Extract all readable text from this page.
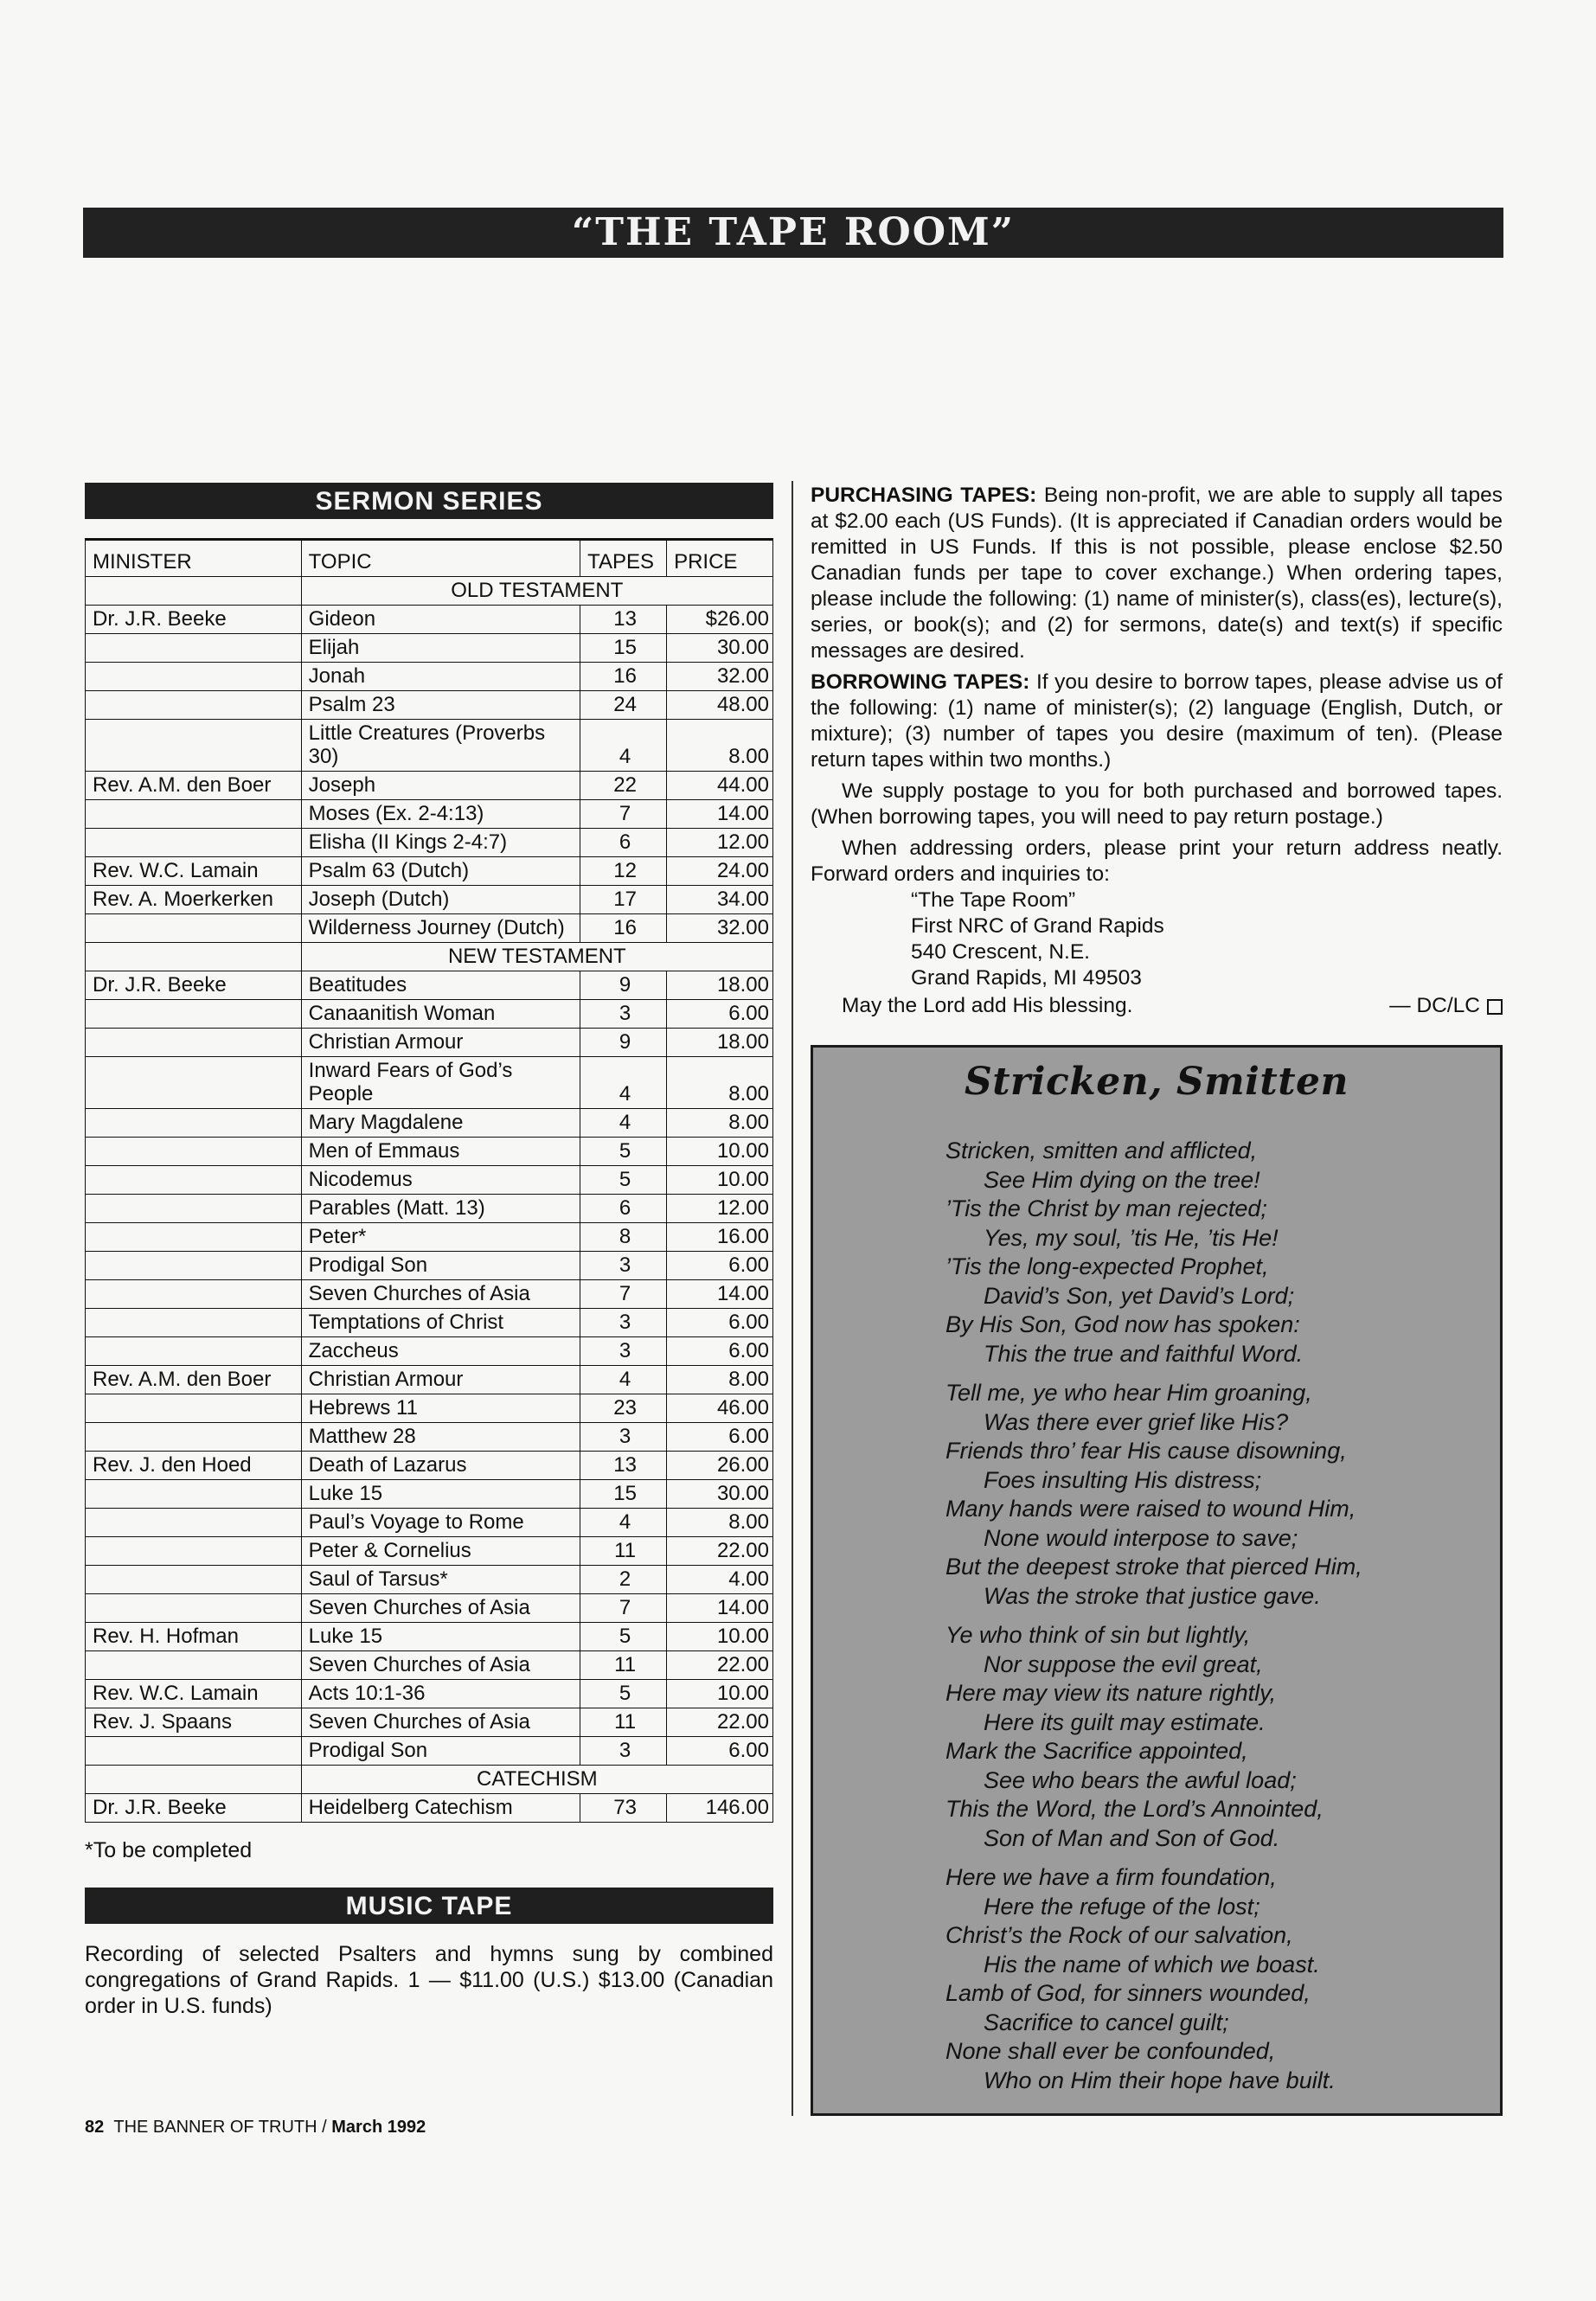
“THE TAPE ROOM”
SERMON SERIES
MINISTER	TOPIC	TAPES	PRICE
	OLD TESTAMENT		
Dr. J.R. Beeke	Gideon	13	$26.00
	Elijah	15	30.00
	Jonah	16	32.00
	Psalm 23	24	48.00
	Little Creatures (Proverbs 30)	4	8.00
Rev. A.M. den Boer	Joseph	22	44.00
	Moses (Ex. 2-4:13)	7	14.00
	Elisha (II Kings 2-4:7)	6	12.00
Rev. W.C. Lamain	Psalm 63 (Dutch)	12	24.00
Rev. A. Moerkerken	Joseph (Dutch)	17	34.00
	Wilderness Journey (Dutch)	16	32.00
	NEW TESTAMENT		
Dr. J.R. Beeke	Beatitudes	9	18.00
	Canaanitish Woman	3	6.00
	Christian Armour	9	18.00
	Inward Fears of God’s People	4	8.00
	Mary Magdalene	4	8.00
	Men of Emmaus	5	10.00
	Nicodemus	5	10.00
	Parables (Matt. 13)	6	12.00
	Peter*	8	16.00
	Prodigal Son	3	6.00
	Seven Churches of Asia	7	14.00
	Temptations of Christ	3	6.00
	Zaccheus	3	6.00
Rev. A.M. den Boer	Christian Armour	4	8.00
	Hebrews 11	23	46.00
	Matthew 28	3	6.00
Rev. J. den Hoed	Death of Lazarus	13	26.00
	Luke 15	15	30.00
	Paul’s Voyage to Rome	4	8.00
	Peter & Cornelius	11	22.00
	Saul of Tarsus*	2	4.00
	Seven Churches of Asia	7	14.00
Rev. H. Hofman	Luke 15	5	10.00
	Seven Churches of Asia	11	22.00
Rev. W.C. Lamain	Acts 10:1-36	5	10.00
Rev. J. Spaans	Seven Churches of Asia	11	22.00
	Prodigal Son	3	6.00
	CATECHISM		
Dr. J.R. Beeke	Heidelberg Catechism	73	146.00
*To be completed
MUSIC TAPE
Recording of selected Psalters and hymns sung by combined congregations of Grand Rapids. 1 — $11.00 (U.S.) $13.00 (Canadian order in U.S. funds)

PURCHASING TAPES: Being non-profit, we are able to supply all tapes at $2.00 each (US Funds). (It is appreciated if Canadian orders would be remitted in US Funds. If this is not possible, please enclose $2.50 Canadian funds per tape to cover exchange.) When ordering tapes, please include the following: (1) name of minister(s), class(es), lecture(s), series, or book(s); and (2) for sermons, date(s) and text(s) if specific messages are desired.

BORROWING TAPES: If you desire to borrow tapes, please advise us of the following: (1) name of minister(s); (2) language (English, Dutch, or mixture); (3) number of tapes you desire (maximum of ten). (Please return tapes within two months.)

We supply postage to you for both purchased and borrowed tapes. (When borrowing tapes, you will need to pay return postage.)

When addressing orders, please print your return address neatly. Forward orders and inquiries to:

“The Tape Room”
First NRC of Grand Rapids
540 Crescent, N.E.
Grand Rapids, MI 49503
May the Lord add His blessing.	— DC/LC
Stricken, Smitten
Stricken, smitten and afflicted,
See Him dying on the tree!
’Tis the Christ by man rejected;
Yes, my soul, ’tis He, ’tis He!
’Tis the long-expected Prophet,
David’s Son, yet David’s Lord;
By His Son, God now has spoken:
This the true and faithful Word.
Tell me, ye who hear Him groaning,
Was there ever grief like His?
Friends thro’ fear His cause disowning,
Foes insulting His distress;
Many hands were raised to wound Him,
None would interpose to save;
But the deepest stroke that pierced Him,
Was the stroke that justice gave.
Ye who think of sin but lightly,
Nor suppose the evil great,
Here may view its nature rightly,
Here its guilt may estimate.
Mark the Sacrifice appointed,
See who bears the awful load;
This the Word, the Lord’s Annointed,
Son of Man and Son of God.
Here we have a firm foundation,
Here the refuge of the lost;
Christ’s the Rock of our salvation,
His the name of which we boast.
Lamb of God, for sinners wounded,
Sacrifice to cancel guilt;
None shall ever be confounded,
Who on Him their hope have built.
82 THE BANNER OF TRUTH / March 1992
